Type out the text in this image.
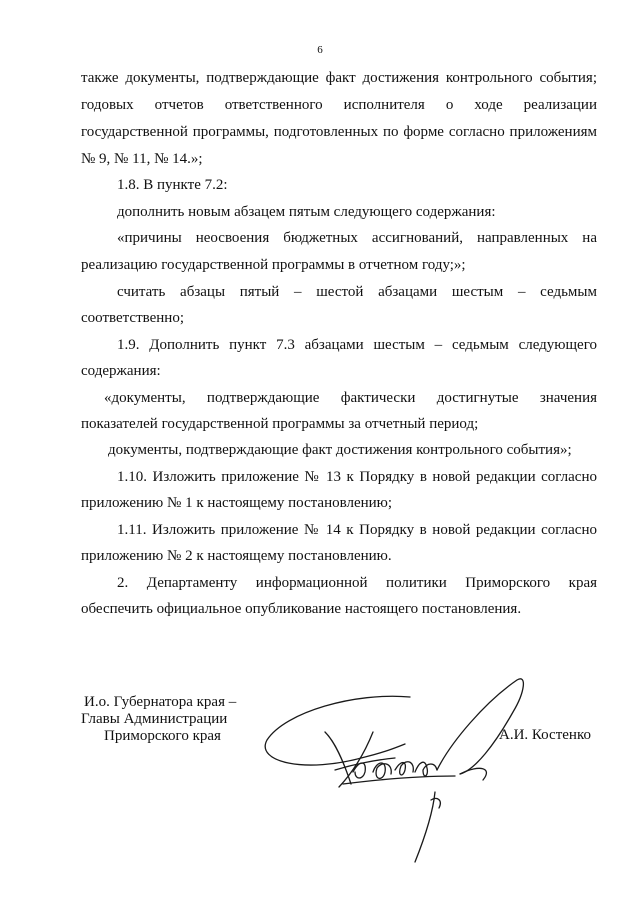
6
также документы, подтверждающие факт достижения контрольного события;
годовых отчетов ответственного исполнителя о ходе реализации
государственной программы, подготовленных по форме согласно приложениям
№ 9, № 11, № 14.»;
1.8. В пункте 7.2:
дополнить новым абзацем пятым следующего содержания:
«причины неосвоения бюджетных ассигнований, направленных на
реализацию государственной программы в отчетном году;»;
считать абзацы пятый – шестой абзацами шестым – седьмым
соответственно;
1.9. Дополнить пункт 7.3 абзацами шестым – седьмым следующего
содержания:
«документы, подтверждающие фактически достигнутые значения
показателей государственной программы за отчетный период;
документы, подтверждающие факт достижения контрольного события»;
1.10. Изложить приложение № 13 к Порядку в новой редакции согласно
приложению № 1 к настоящему постановлению;
1.11. Изложить приложение № 14 к Порядку в новой редакции согласно
приложению № 2 к настоящему постановлению.
2. Департаменту информационной политики Приморского края
обеспечить официальное опубликование настоящего постановления.
И.о. Губернатора края –
Главы Администрации
Приморского края	А.И. Костенко
